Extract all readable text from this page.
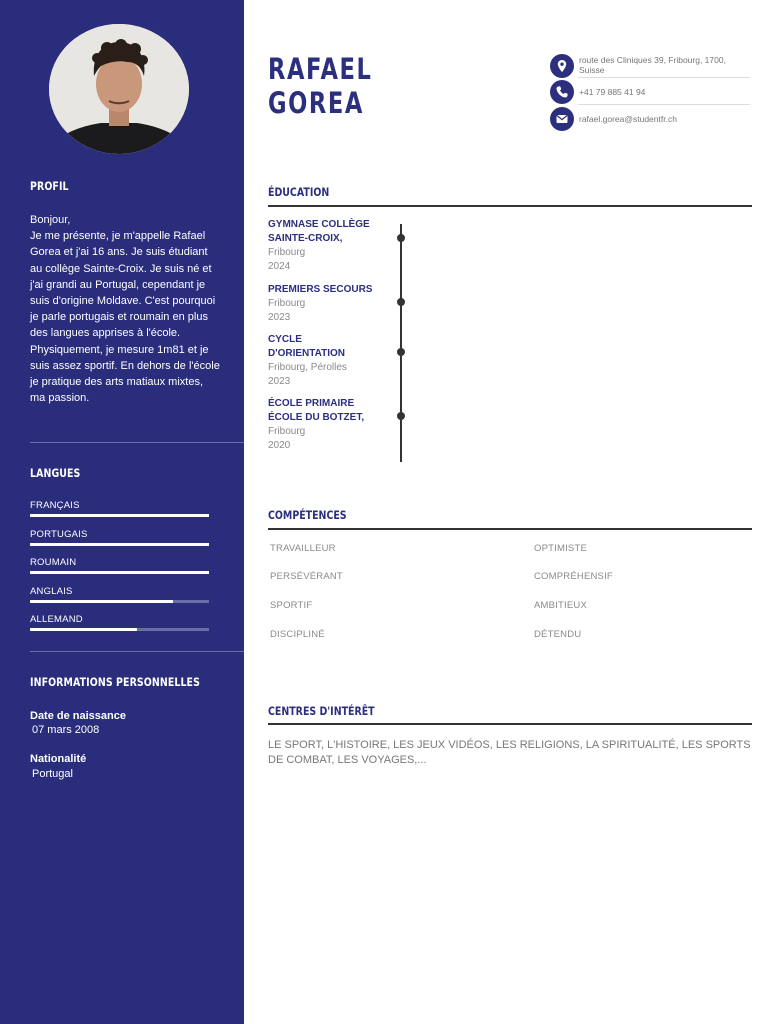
PROFIL
Bonjour,
Je me présente, je m'appelle Rafael Gorea et j'ai 16 ans. Je suis étudiant au collège Sainte-Croix. Je suis né et j'ai grandi au Portugal, cependant je suis d'origine Moldave. C'est pourquoi je parle portugais et roumain en plus des langues apprises à l'école. Physiquement, je mesure 1m81 et je suis assez sportif. En dehors de l'école je pratique des arts matiaux mixtes, ma passion.
LANGUES
FRANÇAIS
PORTUGAIS
ROUMAIN
ANGLAIS
ALLEMAND
INFORMATIONS PERSONNELLES
Date de naissance
07 mars 2008
Nationalité
Portugal
RAFAEL
GOREA
route des Cliniques 39, Fribourg, 1700,
Suisse
+41 79 885 41 94
rafael.gorea@studentfr.ch
ÉDUCATION
GYMNASE COLLÈGE SAINTE-CROIX,
Fribourg
2024
PREMIERS SECOURS
Fribourg
2023
CYCLE D'ORIENTATION
Fribourg, Pérolles
2023
ÉCOLE PRIMAIRE ÉCOLE DU BOTZET,
Fribourg
2020
COMPÉTENCES
TRAVAILLEUR
PERSÉVÉRANT
SPORTIF
DISCIPLINÉ
OPTIMISTE
COMPRÉHENSIF
AMBITIEUX
DÉTENDU
CENTRES D'INTÉRÊT
LE SPORT, L'HISTOIRE, LES JEUX VIDÉOS, LES RELIGIONS, LA SPIRITUALITÉ, LES SPORTS DE COMBAT, LES VOYAGES,...
